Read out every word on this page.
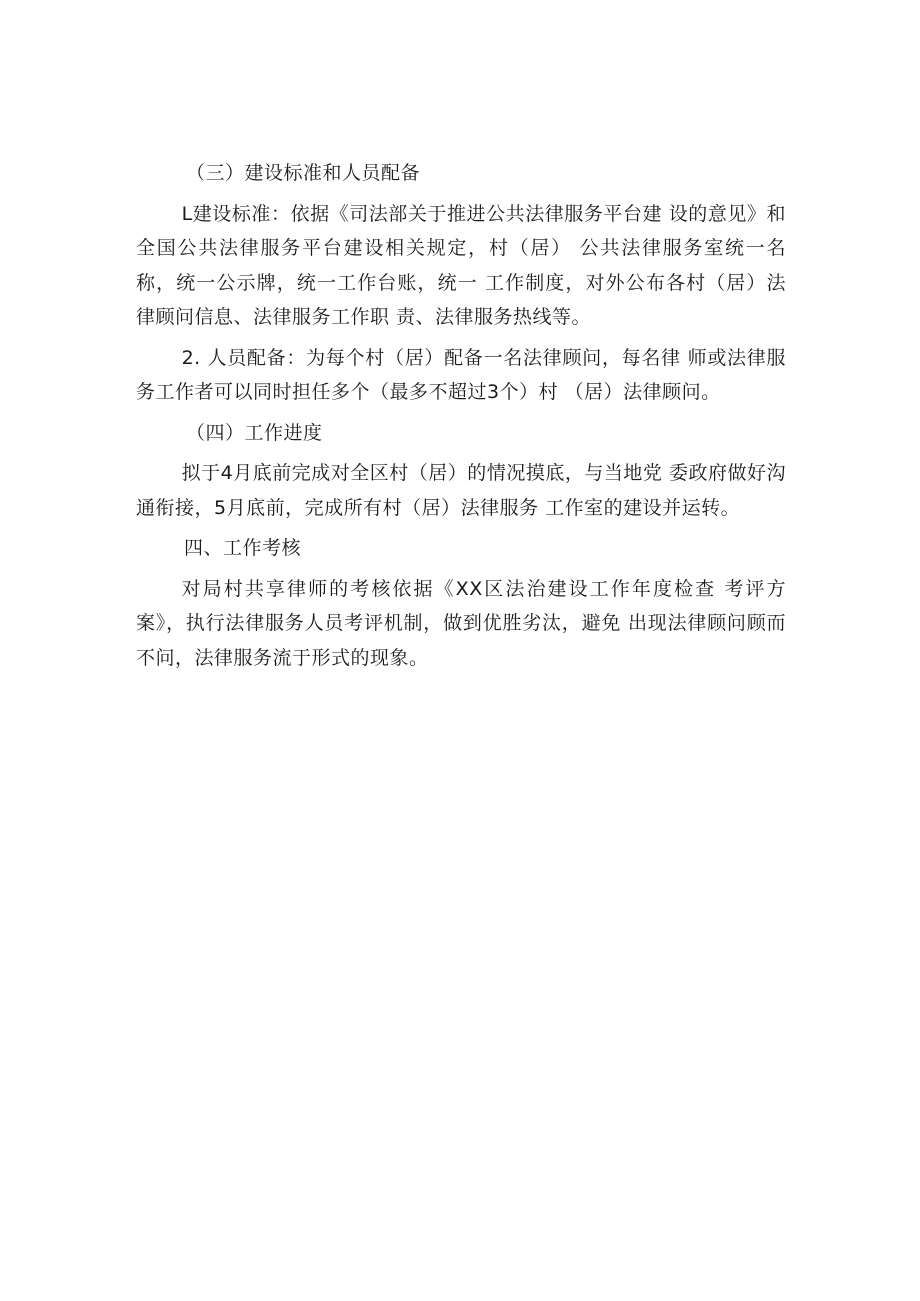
（三）建设标准和人员配备

L建设标准：依据《司法部关于推进公共法律服务平台建 设的意见》和全国公共法律服务平台建设相关规定，村（居） 公共法律服务室统一名称，统一公示牌，统一工作台账，统一 工作制度，对外公布各村（居）法律顾问信息、法律服务工作职 责、法律服务热线等。

2. 人员配备：为每个村（居）配备一名法律顾问，每名律 师或法律服务工作者可以同时担任多个（最多不超过3个）村 （居）法律顾问。

（四）工作进度

拟于4月底前完成对全区村（居）的情况摸底，与当地党 委政府做好沟通衔接，5月底前，完成所有村（居）法律服务 工作室的建设并运转。

四、工作考核

对局村共享律师的考核依据《XX区法治建设工作年度检查 考评方案》，执行法律服务人员考评机制，做到优胜劣汰，避免 出现法律顾问顾而不问，法律服务流于形式的现象。
